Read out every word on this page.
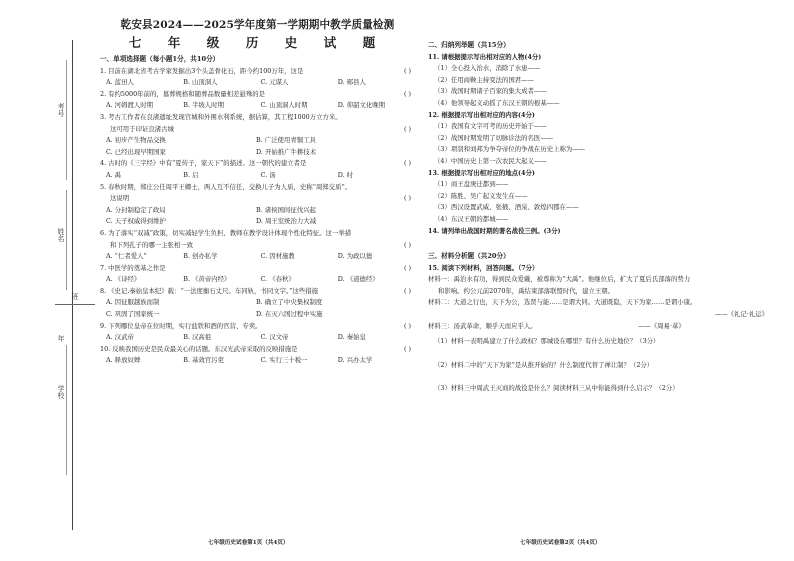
考号
姓名
班
年
学校
乾安县2024——2025学年度第一学期期中教学质量检测
七 年 级 历 史 试 题
一、单项选择题（每小题1分，共10分）
1. 目前在湖北省考古学家发掘出3个头盖骨化石，距今约100万年，这是	( )
A. 蓝田人	B. 山顶洞人	C. 元谋人	D. 郧县人
2. 有约5000年前的，墓葬规格和随葬品数量相差悬殊的是	( )
A. 河姆渡人时期	B. 半坡人时期	C. 山顶洞人时期	D. 仰韶文化晚期
3. 考古工作者在良渚遗址发现宫城和外围水利系统，据估算，其工程1000万立方米。
这可用于印证良渚古城	( )
A. 初步产生物品交换	B. 广泛使用青铜工具
C. 已经出现早期国家	D. 开始推广牛耕技术
4. 古时的《三字经》中有“夏传子，家天下”的描述。这一朝代的建立者是	( )
A. 禹	B. 启	C. 汤	D. 纣
5. 春秋时期，郑庄公任周平王卿士，两人互不信任，交换儿子为人质，史称“周郑交质”。
这说明	( )
A. 分封制稳定了政局	B. 诸侯国间征伐兴起
C. 天子权威得到维护	D. 周王室统治力大减
6. 为了落实“双减”政策，切实减轻学生负担，教师在教学设计体现个性化特征。这一举措
和下列孔子的哪一主张相一致	( )
A. “仁者爱人”	B. 创办私学	C. 因材施教	D. 为政以德
7. 中医学的奠基之作是	( )
A. 《诗经》	B. 《黄帝内经》	C. 《春秋》	D. 《道德经》
8. 《史记.秦始皇本纪》载：“一法度衡石丈尺。车同轨，书同文字。”这些措施	( )
A. 因征服越族而制	B. 确立了中央集权制度
C. 巩固了国家统一	D. 在灭六国过程中实施
9. 下列哪位皇帝在位时期，实行盐铁和酒的官营、专卖。	( )
A. 汉武帝	B. 汉高祖	C. 汉文帝	D. 秦始皇
10. 反映我国历史是民众最关心的话题。东汉光武帝采取的反映措施是	( )
A. 释放奴婢	B. 基效官污吏	C. 实行三十税一	D. 兴办太学
七年级历史试卷第1页（共4页）
二、归纳列举题（共15分）
11. 请根据提示写出相对应的人物(4分)
（1）全心投入治水，消除了水患——
（2）任用商鞅主持变法的国君——
（3）战国时期诸子百家的集大成者——
（4）他领导起义动摇了东汉王朝的根基——
12. 根据提示写出相对应的内容(4分)
（1）我国有文字可考的历史开始于——
（2）战国时期发明了切脉诊法的名医——
（3）项羽和刘邦为争夺帝位的争战在历史上称为——
（4）中国历史上第一次农民大起义——
13. 根据提示写出相对应的地点(4分)
（1）商王盘庚迁都到——
（2）陈胜、吴广起义发生在——
（3）西汉设置武威、张掖、酒泉、敦煌四郡在——
（4）东汉王朝的都城——
14. 请列举出战国时期的著名战役三例。(3分)
三、材料分析题（共20分）
15. 阅读下列材料，回答问题。（7分）
材料一：禹治水有功，得到民众爱戴，被尊称为“大禹”。他继位后，扩大了夏后氏部落的势力
和影响。约公元前2070年，禹结束部落联盟时代，建立王朝。
材料二：大道之行也，天下为公，选贤与能……是谓大同。大道既隐，天下为家……是谓小康。
——《礼记·礼运》
材料三：汤武革命，顺乎天而应乎人。	——《周易·革》
（1）材料一表明禹建立了什么政权？那城设在哪里？有什么历史地位？（3分）
（2）材料二中的“天下为家”是从推开始的？什么制度代替了禅让制？（2分）
（3）材料三中周武王灭商的战役是什么？阅读材料三从中你能得到什么启示？（2分）
七年级历史试卷第2页（共4页）
